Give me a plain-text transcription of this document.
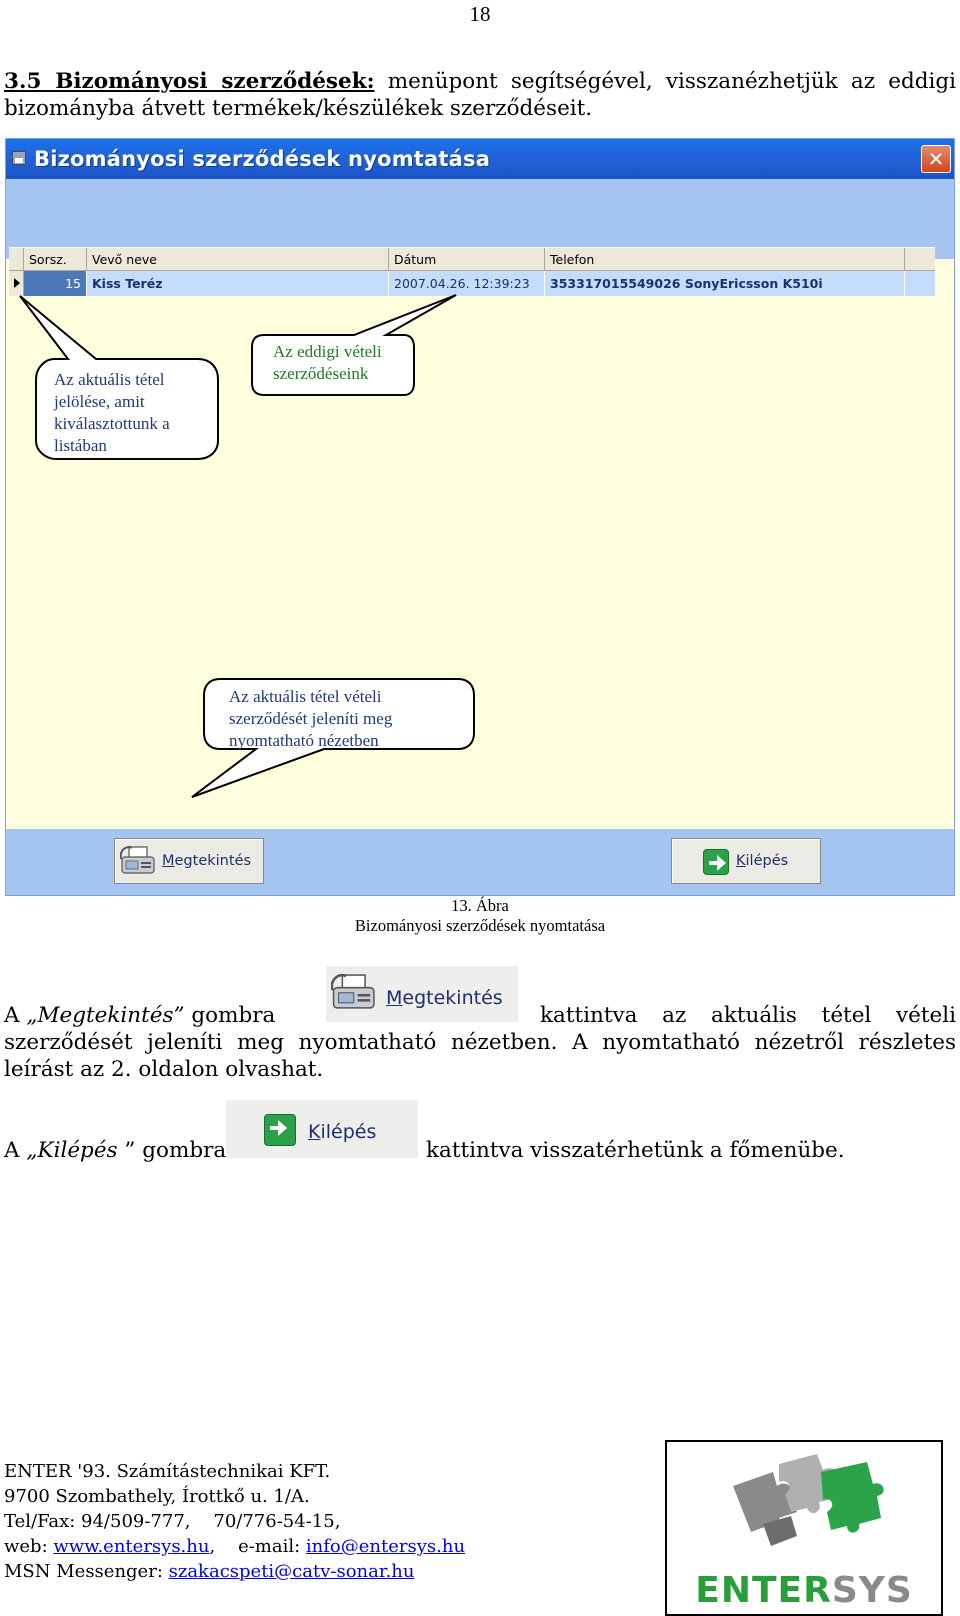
18

3.5 Bizományosi szerződések: menüpont segítségével, visszanézhetjük az eddigi bizományba átvett termékek/készülékek szerződéseit.

Bizományosi szerződések nyomtatása	✕
Sorsz.	Vevő neve	Dátum	Telefon
15 Kiss Teréz	2007.04.26. 12:39:23	353317015549026 SonyEricsson K510i
Az aktuális tétel jelölése, amit kiválasztottunk a listában
Az eddigi vételi szerződéseink
Az aktuális tétel vételi szerződését jeleníti meg nyomtatható nézetben
Megtekintés	Kilépés
13. Ábra
Bizományosi szerződések nyomtatása
A „Megtekintés” gombra
Megtekintés
kattintva az aktuális tétel vételi
szerződését jeleníti meg nyomtatható nézetben. A nyomtatható nézetről részletes
leírást az 2. oldalon olvashat.
A „Kilépés ” gombra
Kilépés
kattintva visszatérhetünk a főmenübe.
ENTER '93. Számítástechnikai KFT.
9700 Szombathely, Írottkő u. 1/A.
Tel/Fax: 94/509-777,    70/776-54-15,
web: www.entersys.hu,    e-mail: info@entersys.hu
MSN Messenger: szakacspeti@catv-sonar.hu	ENTERSYS
